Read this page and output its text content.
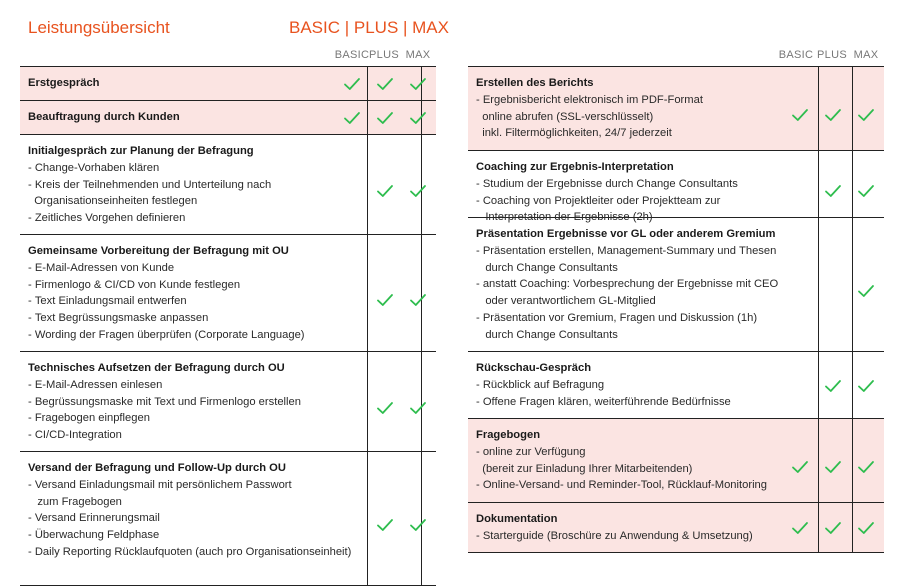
Leistungsübersicht	BASIC | PLUS | MAX
BASIC PLUS MAX	BASIC PLUS MAX
Erstgespräch
Beauftragung durch Kunden
Initialgespräch zur Planung der Befragung
- Change-Vorhaben klären
- Kreis der Teilnehmenden und Unterteilung nach
Organisationseinheiten festlegen
- Zeitliches Vorgehen definieren
Gemeinsame Vorbereitung der Befragung mit OU
- E-Mail-Adressen von Kunde
- Firmenlogo & CI/CD von Kunde festlegen
- Text Einladungsmail entwerfen
- Text Begrüssungsmaske anpassen
- Wording der Fragen überprüfen (Corporate Language)
Technisches Aufsetzen der Befragung durch OU
- E-Mail-Adressen einlesen
- Begrüssungsmaske mit Text und Firmenlogo erstellen
- Fragebogen einpflegen
- CI/CD-Integration
Versand der Befragung und Follow-Up durch OU
- Versand Einladungsmail mit persönlichem Passwort
zum Fragebogen
- Versand Erinnerungsmail
- Überwachung Feldphase
- Daily Reporting Rücklaufquoten (auch pro Organisationseinheit)
Erstellen des Berichts
- Ergebnisbericht elektronisch im PDF-Format
online abrufen (SSL-verschlüsselt)
inkl. Filtermöglichkeiten, 24/7 jederzeit
Coaching zur Ergebnis-Interpretation
- Studium der Ergebnisse durch Change Consultants
- Coaching von Projektleiter oder Projektteam zur
Interpretation der Ergebnisse (2h)
Präsentation Ergebnisse vor GL oder anderem Gremium
- Präsentation erstellen, Management-Summary und Thesen
durch Change Consultants
- anstatt Coaching: Vorbesprechung der Ergebnisse mit CEO
oder verantwortlichem GL-Mitglied
- Präsentation vor Gremium, Fragen und Diskussion (1h)
durch Change Consultants
Rückschau-Gespräch
- Rückblick auf Befragung
- Offene Fragen klären, weiterführende Bedürfnisse
Fragebogen
- online zur Verfügung
(bereit zur Einladung Ihrer Mitarbeitenden)
- Online-Versand- und Reminder-Tool, Rücklauf-Monitoring
Dokumentation
- Starterguide (Broschüre zu Anwendung & Umsetzung)
